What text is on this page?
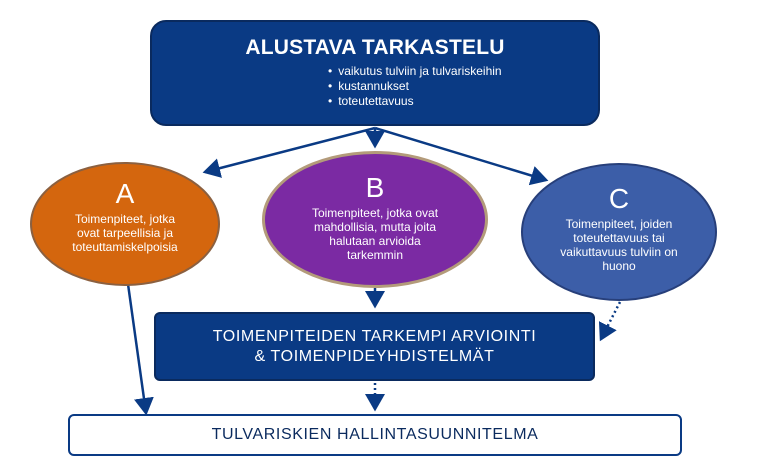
ALUSTAVA TARKASTELU
• vaikutus tulviin ja tulvariskeihin
• kustannukset
• toteutettavuus
A
Toimenpiteet, jotka
ovat tarpeellisia ja
toteuttamiskelpoisia
B
Toimenpiteet, jotka ovat
mahdollisia, mutta joita
halutaan arvioida
tarkemmin
C
Toimenpiteet, joiden
toteutettavuus tai
vaikuttavuus tulviin on
huono
TOIMENPITEIDEN TARKEMPI ARVIOINTI
& TOIMENPIDEYHDISTELMÄT
TULVARISKIEN HALLINTASUUNNITELMA
